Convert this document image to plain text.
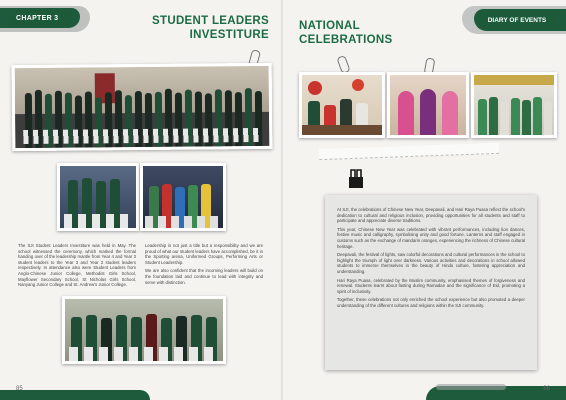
CHAPTER 3	STUDENT LEADERS
INVESTITURE

The SJI Student Leaders Investiture was held in May. The school witnessed the ceremony, which marked the formal handing over of the leadership mantle from Year 4 and Year 3 student leaders to the Year 3 and Year 2 student leaders respectively. In attendance also were Student Leaders from Anglo-Chinese Junior College, Methodist Girls School, Mayflower Secondary School, St Nicholas Girls School, Nanyang Junior College and St. Andrew's Junior College.

Leadership is not just a title but a responsibility and we are proud of what our student leaders have accomplished, be it in the Sporting arena, Uniformed Groups, Performing Arts or Student Leadership.

We are also confident that the incoming leaders will build on the foundation laid and continue to lead with integrity and serve with distinction.

85
DIARY OF EVENTS
NATIONAL
CELEBRATIONS

At SJI, the celebrations of Chinese New Year, Deepavali, and Hari Raya Puasa reflect the school's dedication to cultural and religious inclusion, providing opportunities for all students and staff to participate and appreciate diverse traditions.

This year, Chinese New Year was celebrated with vibrant performances, including lion dances, festive music and calligraphy, symbolising unity and good fortune. Lanterns and staff engaged in customs such as the exchange of mandarin oranges, experiencing the richness of Chinese cultural heritage.

Deepavali, the festival of lights, saw colorful decorations and cultural performances in the school to highlight the triumph of light over darkness. Various activities and decorations in school allowed students to immerse themselves in the beauty of Hindu culture, fostering appreciation and understanding.

Hari Raya Puasa, celebrated by the Muslim community, emphasised themes of forgiveness and renewal. Students learnt about fasting during Ramadan and the significance of Eid, promoting a spirit of inclusivity.

Together, these celebrations not only enriched the school experience but also promoted a deeper understanding of the different cultures and religions within the SJI community.

86
